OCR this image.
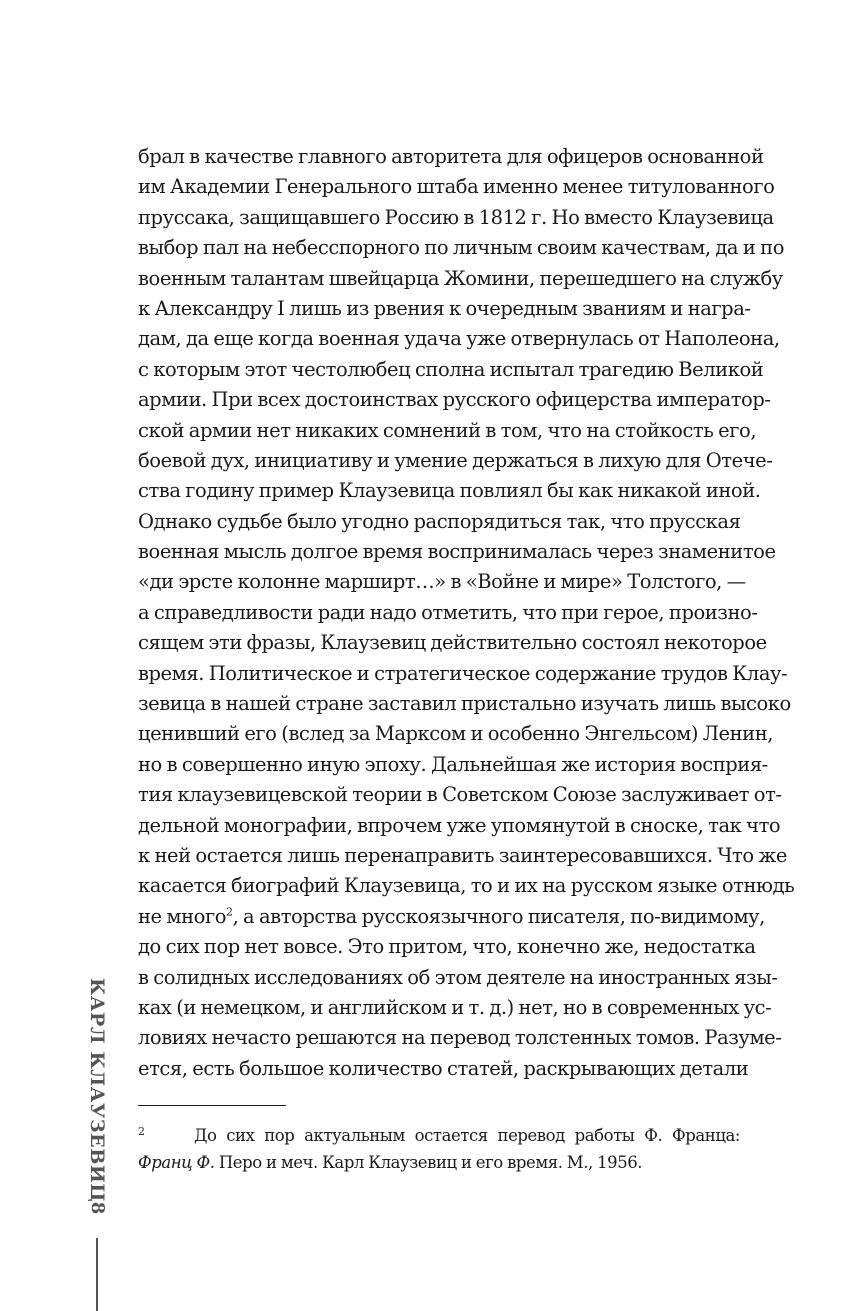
брал в качестве главного авторитета для офицеров основанной
им Академии Генерального штаба именно менее титулованного
пруссака, защищавшего Россию в 1812 г. Но вместо Клаузевица
выбор пал на небесспорного по личным своим качествам, да и по
военным талантам швейцарца Жомини, перешедшего на службу
к Александру I лишь из рвения к очередным званиям и награ-
дам, да еще когда военная удача уже отвернулась от Наполеона,
с которым этот честолюбец сполна испытал трагедию Великой
армии. При всех достоинствах русского офицерства император-
ской армии нет никаких сомнений в том, что на стойкость его,
боевой дух, инициативу и умение держаться в лихую для Отече-
ства годину пример Клаузевица повлиял бы как никакой иной.
Однако судьбе было угодно распорядиться так, что прусская
военная мысль долгое время воспринималась через знаменитое
«ди эрсте колонне марширт…» в «Войне и мире» Толстого, —
а справедливости ради надо отметить, что при герое, произно-
сящем эти фразы, Клаузевиц действительно состоял некоторое
время. Политическое и стратегическое содержание трудов Клау-
зевица в нашей стране заставил пристально изучать лишь высоко
ценивший его (вслед за Марксом и особенно Энгельсом) Ленин,
но в совершенно иную эпоху. Дальнейшая же история восприя-
тия клаузевицевской теории в Советском Союзе заслуживает от-
дельной монографии, впрочем уже упомянутой в сноске, так что
к ней остается лишь перенаправить заинтересовавшихся. Что же
касается биографий Клаузевица, то и их на русском языке отнюдь
не много$^2$, а авторства русскоязычного писателя, по-видимому,
до сих пор нет вовсе. Это притом, что, конечно же, недостатка
в солидных исследованиях об этом деятеле на иностранных язы-
ках (и немецком, и английском и т. д.) нет, но в современных ус-
ловиях нечасто решаются на перевод толстенных томов. Разуме-
ется, есть большое количество статей, раскрывающих детали
2	До сих пор актуальным остается перевод работы Ф. Франца:
Франц Ф. Перо и меч. Карл Клаузевиц и его время. М., 1956.
КАРЛ КЛАУЗЕВИЦ
8
